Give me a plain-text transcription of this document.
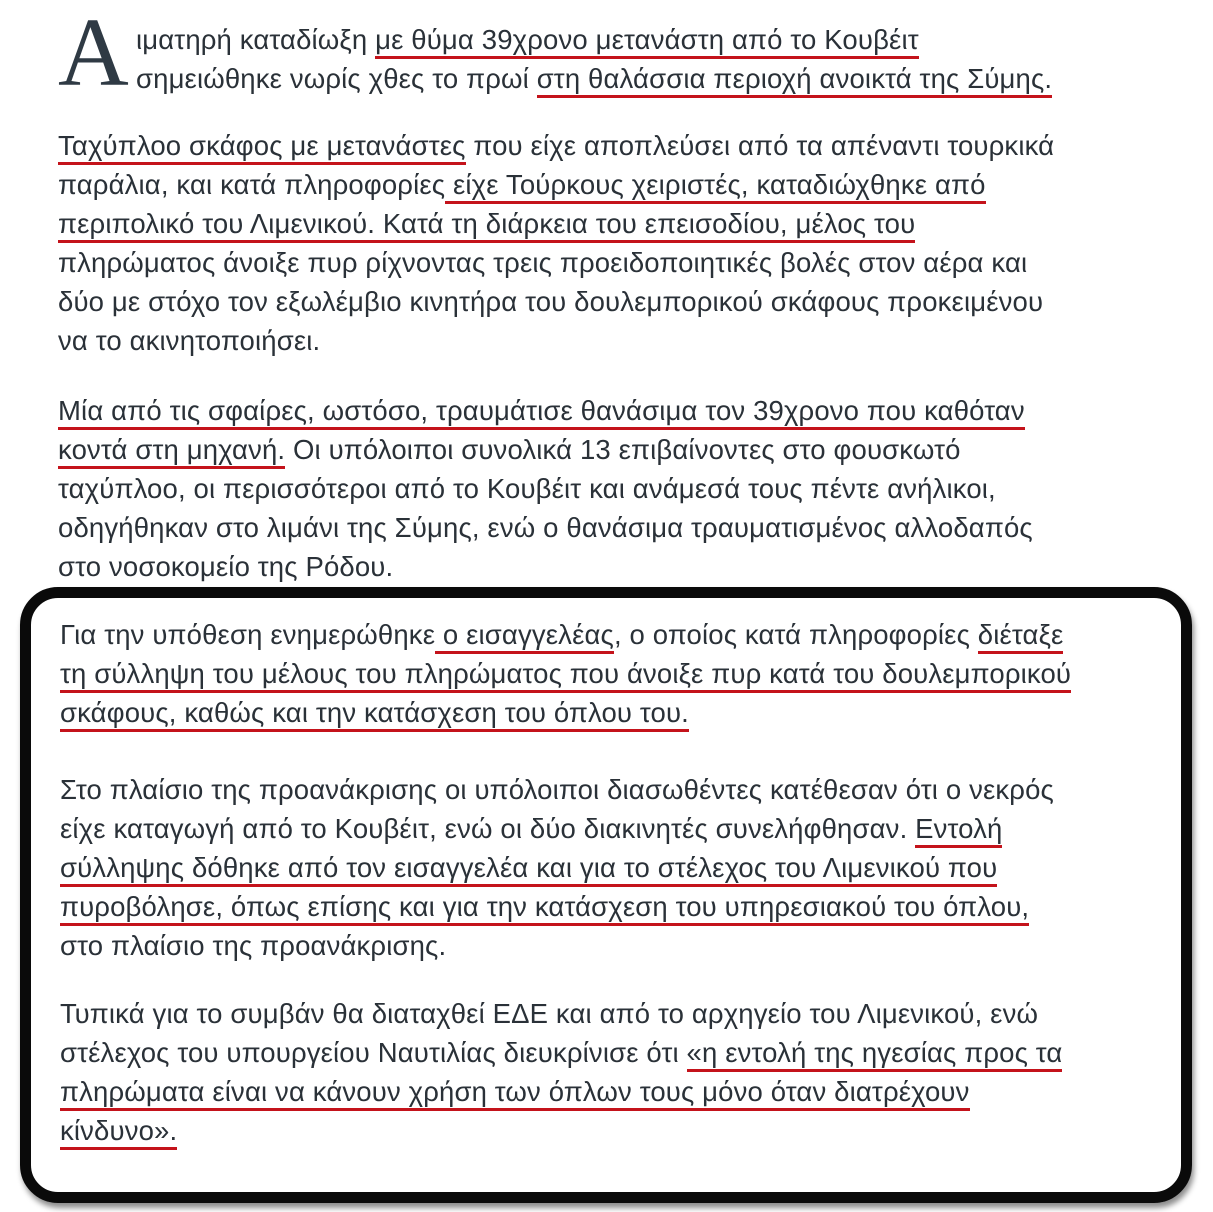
Α ιματηρή καταδίωξη με θύμα 39χρονο μετανάστη από το Κουβέιτ
σημειώθηκε νωρίς χθες το πρωί στη θαλάσσια περιοχή ανοικτά της Σύμης.

Ταχύπλοο σκάφος με μετανάστες που είχε αποπλεύσει από τα απέναντι τουρκικά
παράλια, και κατά πληροφορίες είχε Τούρκους χειριστές, καταδιώχθηκε από
περιπολικό του Λιμενικού. Κατά τη διάρκεια του επεισοδίου, μέλος του
πληρώματος άνοιξε πυρ ρίχνοντας τρεις προειδοποιητικές βολές στον αέρα και
δύο με στόχο τον εξωλέμβιο κινητήρα του δουλεμπορικού σκάφους προκειμένου
να το ακινητοποιήσει.

Μία από τις σφαίρες, ωστόσο, τραυμάτισε θανάσιμα τον 39χρονο που καθόταν
κοντά στη μηχανή. Οι υπόλοιποι συνολικά 13 επιβαίνοντες στο φουσκωτό
ταχύπλοο, οι περισσότεροι από το Κουβέιτ και ανάμεσά τους πέντε ανήλικοι,
οδηγήθηκαν στο λιμάνι της Σύμης, ενώ ο θανάσιμα τραυματισμένος αλλοδαπός
στο νοσοκομείο της Ρόδου.

Για την υπόθεση ενημερώθηκε ο εισαγγελέας, ο οποίος κατά πληροφορίες διέταξε
τη σύλληψη του μέλους του πληρώματος που άνοιξε πυρ κατά του δουλεμπορικού
σκάφους, καθώς και την κατάσχεση του όπλου του.

Στο πλαίσιο της προανάκρισης οι υπόλοιποι διασωθέντες κατέθεσαν ότι ο νεκρός
είχε καταγωγή από το Κουβέιτ, ενώ οι δύο διακινητές συνελήφθησαν. Εντολή
σύλληψης δόθηκε από τον εισαγγελέα και για το στέλεχος του Λιμενικού που
πυροβόλησε, όπως επίσης και για την κατάσχεση του υπηρεσιακού του όπλου,
στο πλαίσιο της προανάκρισης.

Τυπικά για το συμβάν θα διαταχθεί ΕΔΕ και από το αρχηγείο του Λιμενικού, ενώ
στέλεχος του υπουργείου Ναυτιλίας διευκρίνισε ότι «η εντολή της ηγεσίας προς τα
πληρώματα είναι να κάνουν χρήση των όπλων τους μόνο όταν διατρέχουν
κίνδυνο».
